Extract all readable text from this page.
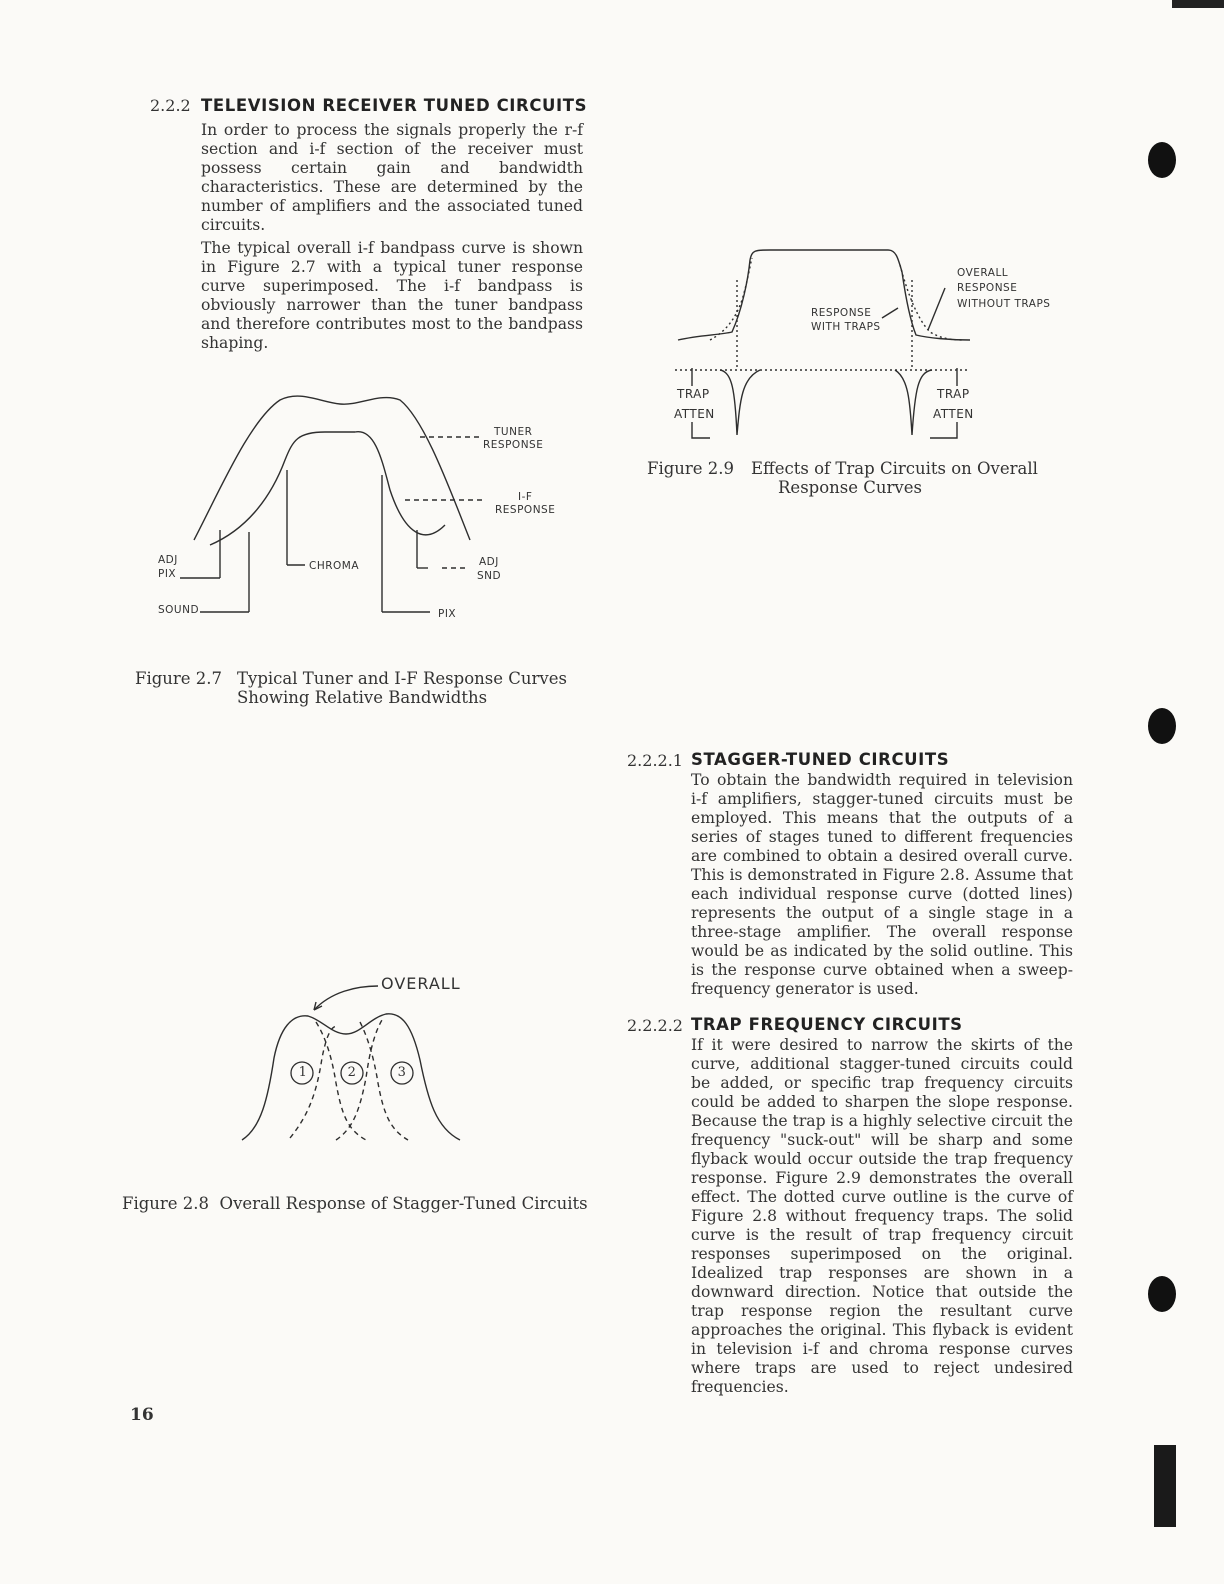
2.2.2 TELEVISION RECEIVER TUNED CIRCUITS

In order to process the signals properly the r-f section and i-f section of the receiver must possess certain gain and bandwidth characteristics. These are determined by the number of amplifiers and the associated tuned circuits.

The typical overall i-f bandpass curve is shown in Figure 2.7 with a typical tuner response curve superimposed. The i-f bandpass is obviously narrower than the tuner bandpass and therefore contributes most to the bandpass shaping.

TUNER
RESPONSE
I-F
RESPONSE
ADJ
PIX
CHROMA	ADJ
SND
SOUND	PIX
Figure 2.7 Typical Tuner and I-F Response Curves
Showing Relative Bandwidths
OVERALL
RESPONSE
WITHOUT TRAPS
RESPONSE
WITH TRAPS
TRAP
ATTEN
TRAP
ATTEN
Figure 2.9 Effects of Trap Circuits on Overall
Response Curves
1	2	3
OVERALL
Figure 2.8  Overall Response of Stagger-Tuned Circuits
2.2.2.1 STAGGER-TUNED CIRCUITS

To obtain the bandwidth required in television i-f amplifiers, stagger-tuned circuits must be employed. This means that the outputs of a series of stages tuned to different frequencies are combined to obtain a desired overall curve. This is demonstrated in Figure 2.8. Assume that each individual response curve (dotted lines) represents the output of a single stage in a three-stage amplifier. The overall response would be as indicated by the solid outline. This is the response curve obtained when a sweep-frequency generator is used.

2.2.2.2 TRAP FREQUENCY CIRCUITS

If it were desired to narrow the skirts of the curve, additional stagger-tuned circuits could be added, or specific trap frequency circuits could be added to sharpen the slope response. Because the trap is a highly selective circuit the frequency "suck-out" will be sharp and some flyback would occur outside the trap frequency response. Figure 2.9 demonstrates the overall effect. The dotted curve outline is the curve of Figure 2.8 without frequency traps. The solid curve is the result of trap frequency circuit responses superimposed on the original. Idealized trap responses are shown in a downward direction. Notice that outside the trap response region the resultant curve approaches the original. This flyback is evident in television i-f and chroma response curves where traps are used to reject undesired frequencies.

16
